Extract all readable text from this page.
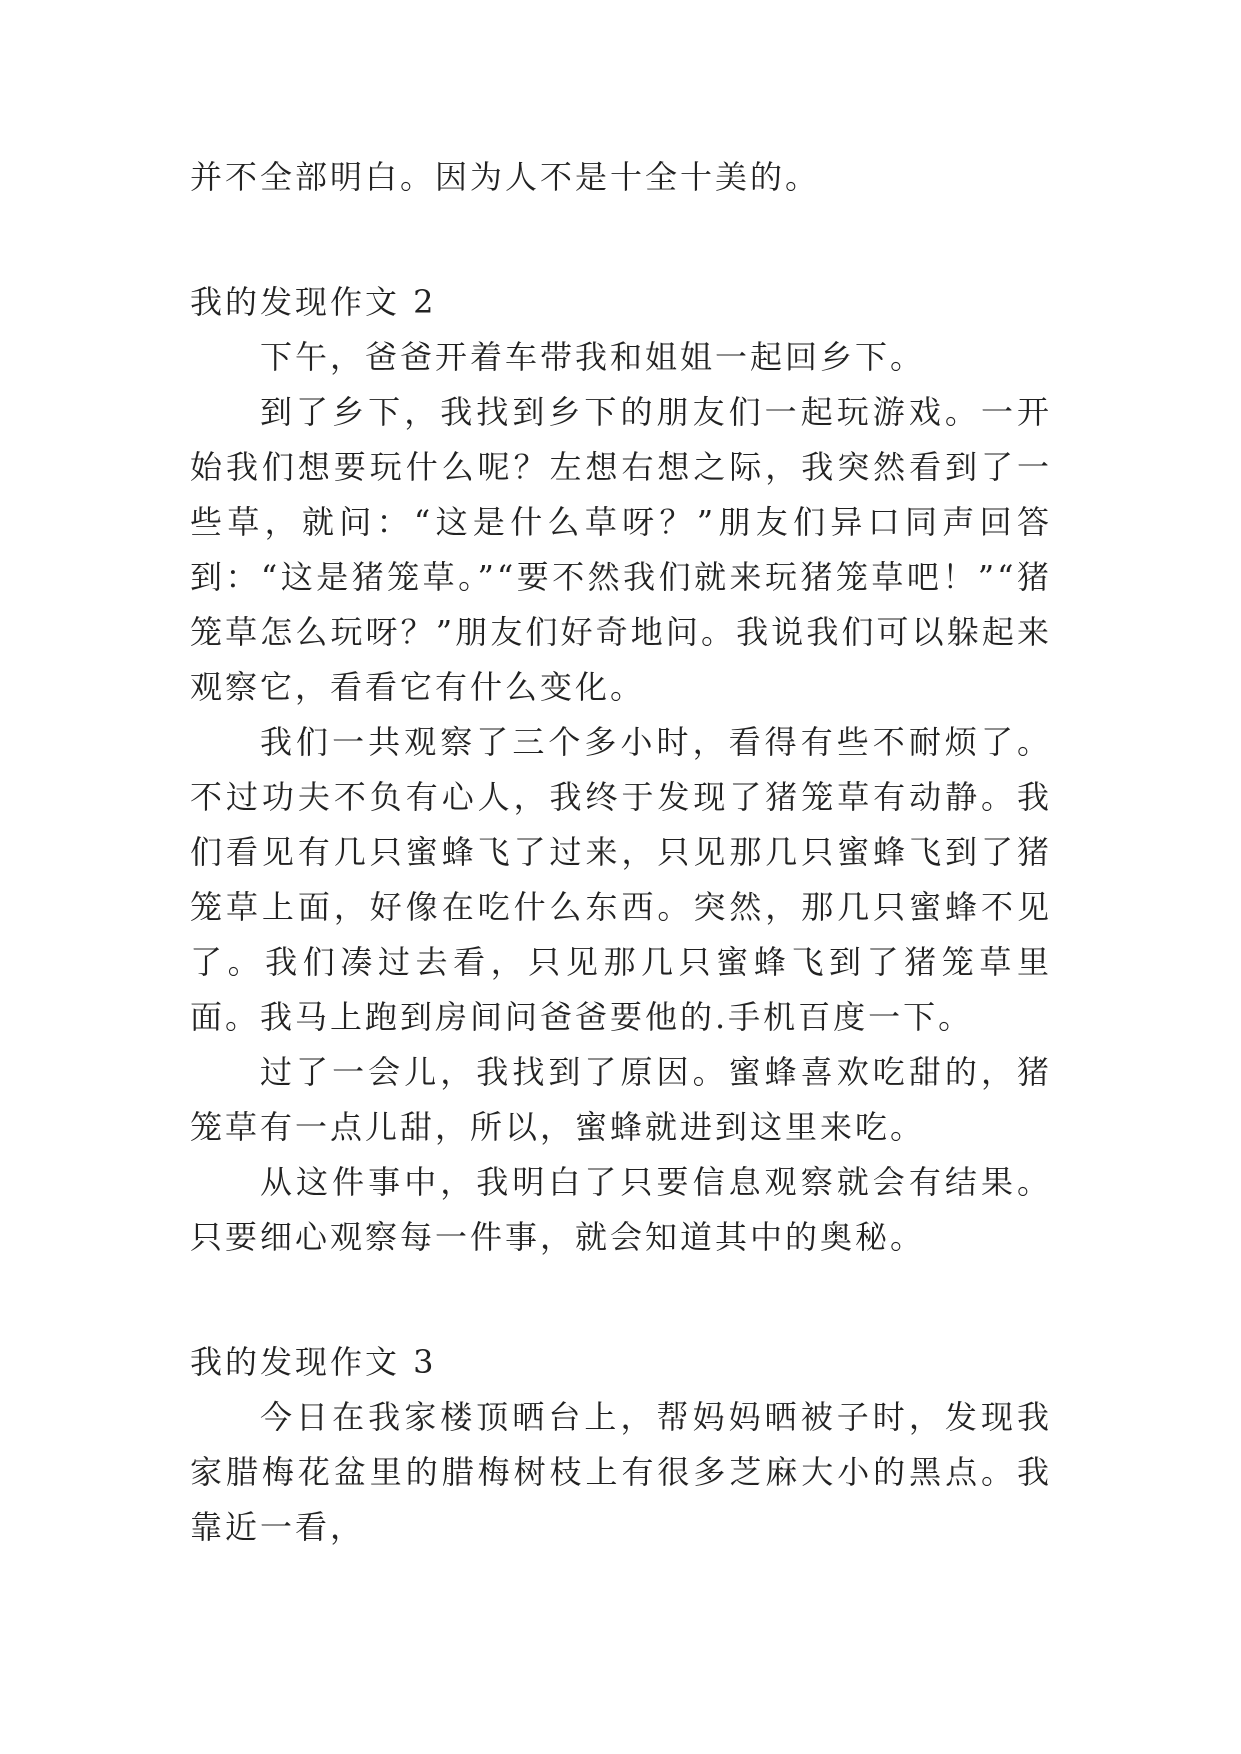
并不全部明白。因为人不是十全十美的。

我的发现作文 2

下午，爸爸开着车带我和姐姐一起回乡下。

到了乡下，我找到乡下的朋友们一起玩游戏。一开始我们想要玩什么呢？左想右想之际，我突然看到了一些草，就问：“这是什么草呀？”朋友们异口同声回答到：“这是猪笼草。”“要不然我们就来玩猪笼草吧！”“猪笼草怎么玩呀？”朋友们好奇地问。我说我们可以躲起来观察它，看看它有什么变化。

我们一共观察了三个多小时，看得有些不耐烦了。不过功夫不负有心人，我终于发现了猪笼草有动静。我们看见有几只蜜蜂飞了过来，只见那几只蜜蜂飞到了猪笼草上面，好像在吃什么东西。突然，那几只蜜蜂不见了。我们凑过去看，只见那几只蜜蜂飞到了猪笼草里面。我马上跑到房间问爸爸要他的.手机百度一下。

过了一会儿，我找到了原因。蜜蜂喜欢吃甜的，猪笼草有一点儿甜，所以，蜜蜂就进到这里来吃。

从这件事中，我明白了只要信息观察就会有结果。只要细心观察每一件事，就会知道其中的奥秘。

我的发现作文 3

今日在我家楼顶晒台上，帮妈妈晒被子时，发现我家腊梅花盆里的腊梅树枝上有很多芝麻大小的黑点。我靠近一看，
